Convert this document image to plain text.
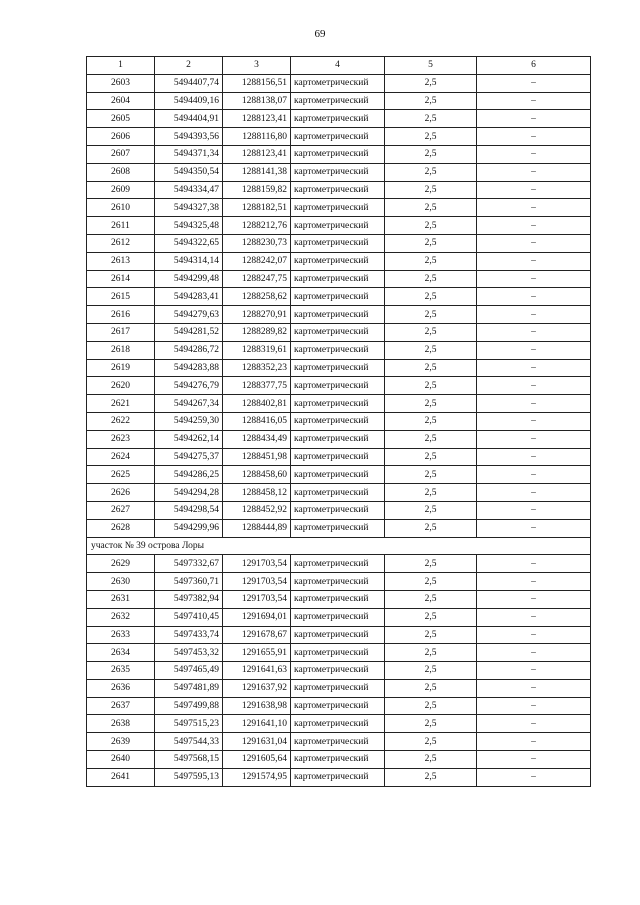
69
1	2	3	4	5	6
2603	5494407,74	1288156,51	картометрический	2,5	–
2604	5494409,16	1288138,07	картометрический	2,5	–
2605	5494404,91	1288123,41	картометрический	2,5	–
2606	5494393,56	1288116,80	картометрический	2,5	–
2607	5494371,34	1288123,41	картометрический	2,5	–
2608	5494350,54	1288141,38	картометрический	2,5	–
2609	5494334,47	1288159,82	картометрический	2,5	–
2610	5494327,38	1288182,51	картометрический	2,5	–
2611	5494325,48	1288212,76	картометрический	2,5	–
2612	5494322,65	1288230,73	картометрический	2,5	–
2613	5494314,14	1288242,07	картометрический	2,5	–
2614	5494299,48	1288247,75	картометрический	2,5	–
2615	5494283,41	1288258,62	картометрический	2,5	–
2616	5494279,63	1288270,91	картометрический	2,5	–
2617	5494281,52	1288289,82	картометрический	2,5	–
2618	5494286,72	1288319,61	картометрический	2,5	–
2619	5494283,88	1288352,23	картометрический	2,5	–
2620	5494276,79	1288377,75	картометрический	2,5	–
2621	5494267,34	1288402,81	картометрический	2,5	–
2622	5494259,30	1288416,05	картометрический	2,5	–
2623	5494262,14	1288434,49	картометрический	2,5	–
2624	5494275,37	1288451,98	картометрический	2,5	–
2625	5494286,25	1288458,60	картометрический	2,5	–
2626	5494294,28	1288458,12	картометрический	2,5	–
2627	5494298,54	1288452,92	картометрический	2,5	–
2628	5494299,96	1288444,89	картометрический	2,5	–
участок № 39 острова Лоры					
2629	5497332,67	1291703,54	картометрический	2,5	–
2630	5497360,71	1291703,54	картометрический	2,5	–
2631	5497382,94	1291703,54	картометрический	2,5	–
2632	5497410,45	1291694,01	картометрический	2,5	–
2633	5497433,74	1291678,67	картометрический	2,5	–
2634	5497453,32	1291655,91	картометрический	2,5	–
2635	5497465,49	1291641,63	картометрический	2,5	–
2636	5497481,89	1291637,92	картометрический	2,5	–
2637	5497499,88	1291638,98	картометрический	2,5	–
2638	5497515,23	1291641,10	картометрический	2,5	–
2639	5497544,33	1291631,04	картометрический	2,5	–
2640	5497568,15	1291605,64	картометрический	2,5	–
2641	5497595,13	1291574,95	картометрический	2,5	–
